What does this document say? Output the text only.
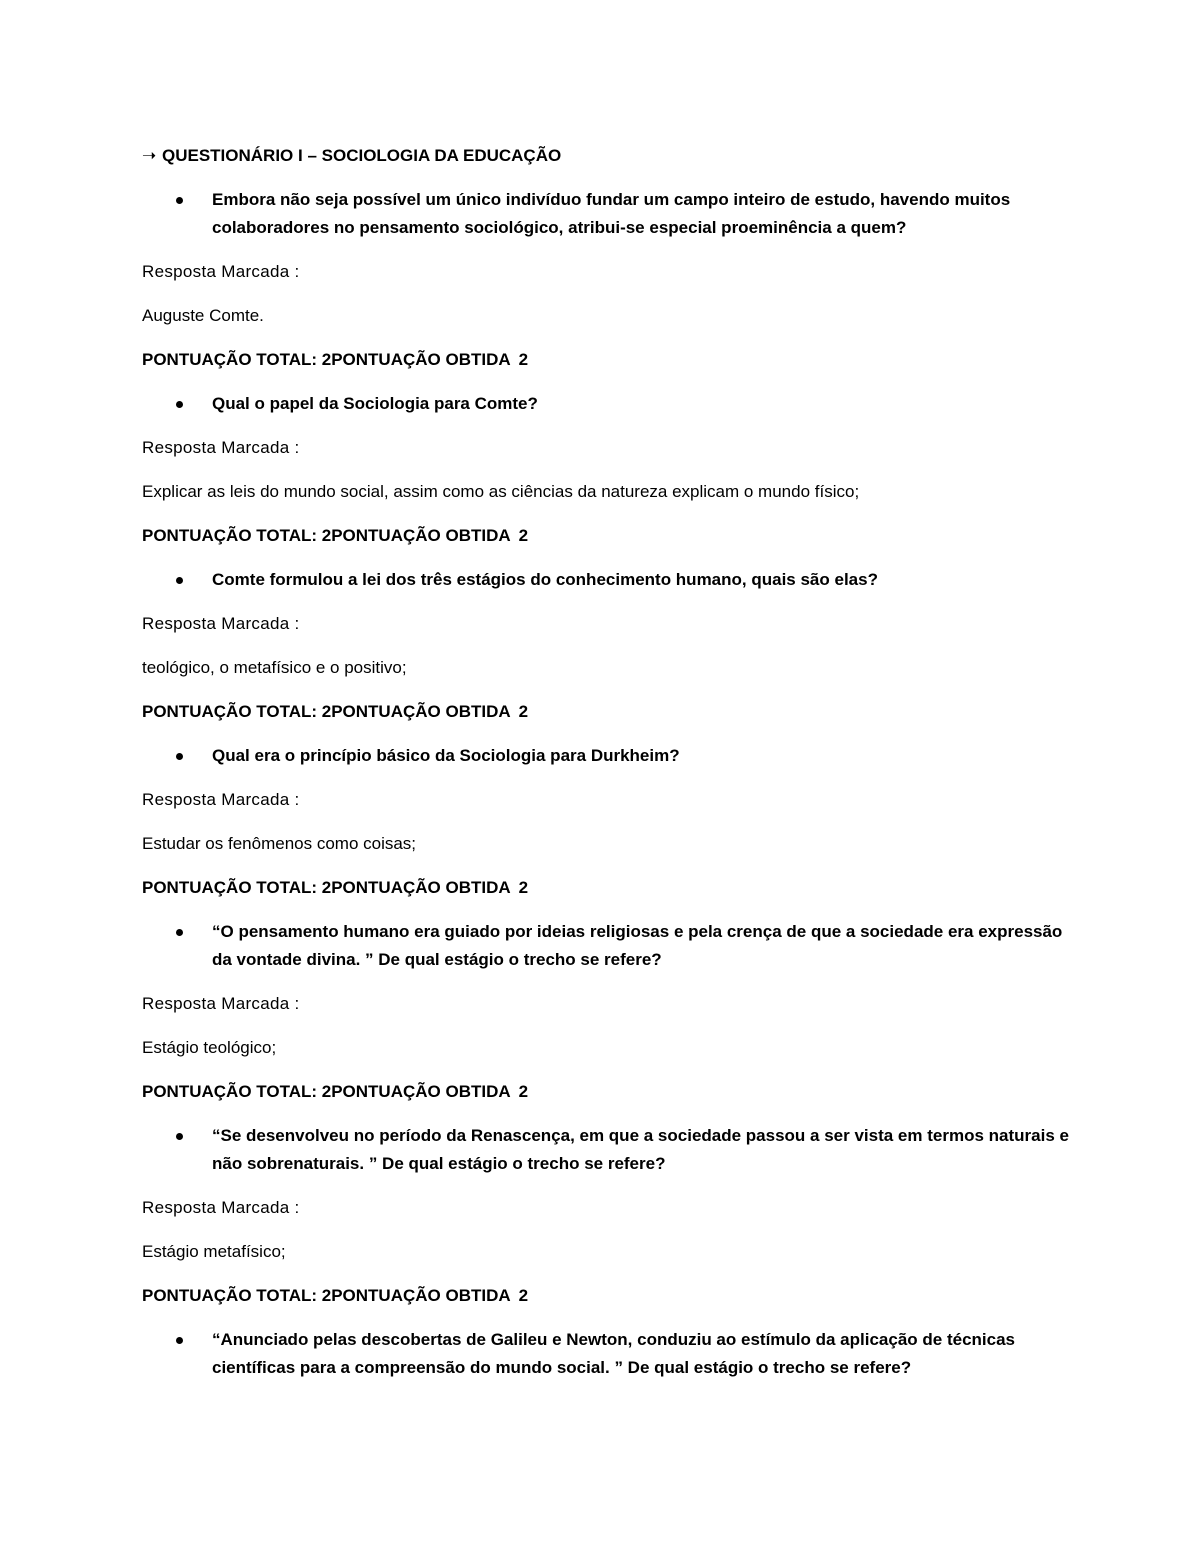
➝ QUESTIONÁRIO I – SOCIOLOGIA DA EDUCAÇÃO
Embora não seja possível um único indivíduo fundar um campo inteiro de estudo, havendo muitos colaboradores no pensamento sociológico, atribui-se especial proeminência a quem?
Resposta Marcada :
Auguste Comte.
PONTUAÇÃO TOTAL: 2PONTUAÇÃO OBTIDA 2
Qual o papel da Sociologia para Comte?
Resposta Marcada :
Explicar as leis do mundo social, assim como as ciências da natureza explicam o mundo físico;
PONTUAÇÃO TOTAL: 2PONTUAÇÃO OBTIDA 2
Comte formulou a lei dos três estágios do conhecimento humano, quais são elas?
Resposta Marcada :
teológico, o metafísico e o positivo;
PONTUAÇÃO TOTAL: 2PONTUAÇÃO OBTIDA 2
Qual era o princípio básico da Sociologia para Durkheim?
Resposta Marcada :
Estudar os fenômenos como coisas;
PONTUAÇÃO TOTAL: 2PONTUAÇÃO OBTIDA 2
“O pensamento humano era guiado por ideias religiosas e pela crença de que a sociedade era expressão da vontade divina. ” De qual estágio o trecho se refere?
Resposta Marcada :
Estágio teológico;
PONTUAÇÃO TOTAL: 2PONTUAÇÃO OBTIDA 2
“Se desenvolveu no período da Renascença, em que a sociedade passou a ser vista em termos naturais e não sobrenaturais. ” De qual estágio o trecho se refere?
Resposta Marcada :
Estágio metafísico;
PONTUAÇÃO TOTAL: 2PONTUAÇÃO OBTIDA 2
“Anunciado pelas descobertas de Galileu e Newton, conduziu ao estímulo da aplicação de técnicas científicas para a compreensão do mundo social. ” De qual estágio o trecho se refere?
